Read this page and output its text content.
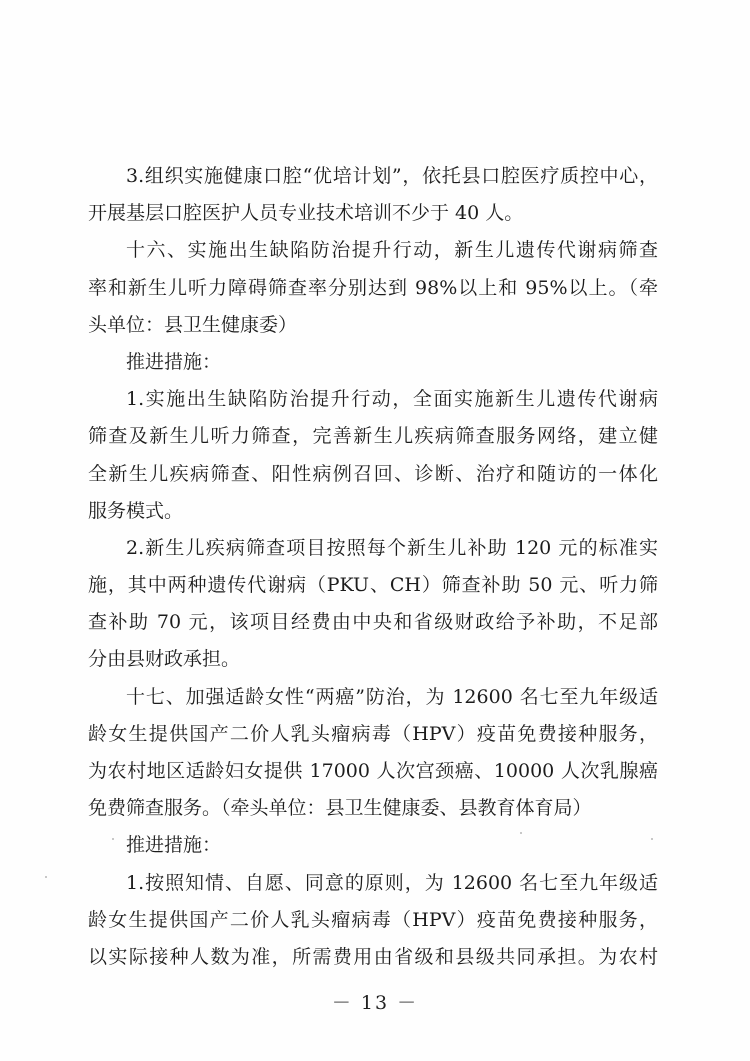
3.组织实施健康口腔“优培计划”，依托县口腔医疗质控中心，
开展基层口腔医护人员专业技术培训不少于 40 人。

十六、实施出生缺陷防治提升行动，新生儿遗传代谢病筛查
率和新生儿听力障碍筛查率分别达到 98%以上和 95%以上。（牵
头单位：县卫生健康委）

推进措施：

1.实施出生缺陷防治提升行动，全面实施新生儿遗传代谢病
筛查及新生儿听力筛查，完善新生儿疾病筛查服务网络，建立健
全新生儿疾病筛查、阳性病例召回、诊断、治疗和随访的一体化
服务模式。

2.新生儿疾病筛查项目按照每个新生儿补助 120 元的标准实
施，其中两种遗传代谢病（PKU、CH）筛查补助 50 元、听力筛
查补助 70 元，该项目经费由中央和省级财政给予补助，不足部
分由县财政承担。

十七、加强适龄女性“两癌”防治，为 12600 名七至九年级适
龄女生提供国产二价人乳头瘤病毒（HPV）疫苗免费接种服务，
为农村地区适龄妇女提供 17000 人次宫颈癌、10000 人次乳腺癌
免费筛查服务。（牵头单位：县卫生健康委、县教育体育局）

推进措施：

1.按照知情、自愿、同意的原则，为 12600 名七至九年级适
龄女生提供国产二价人乳头瘤病毒（HPV）疫苗免费接种服务，
以实际接种人数为准，所需费用由省级和县级共同承担。为农村

－ 13 －
